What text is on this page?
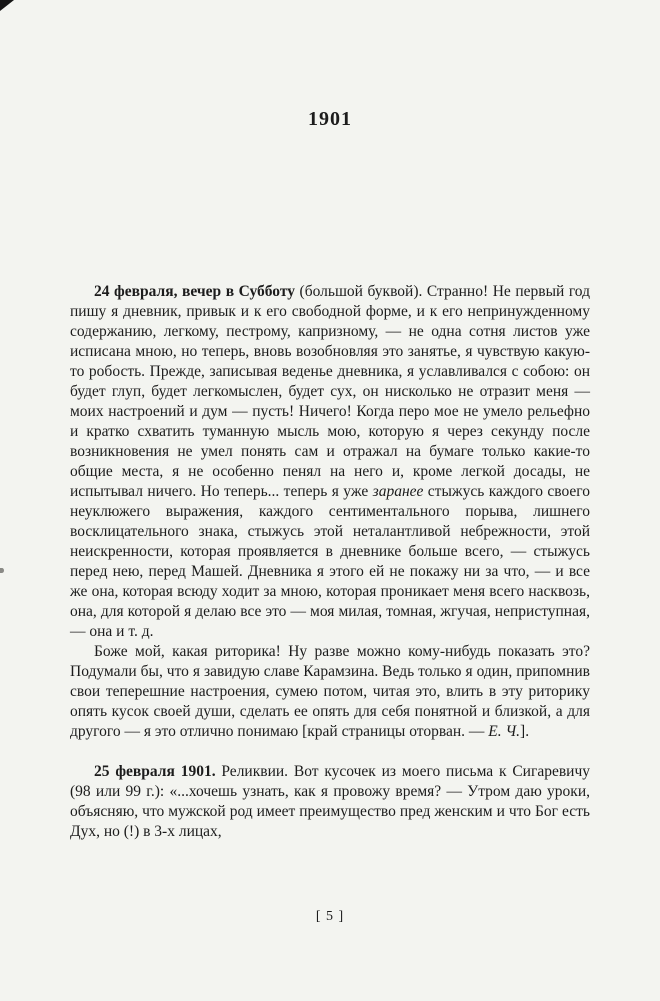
1901

24 февраля, вечер в Субботу (большой буквой). Странно! Не первый год пишу я дневник, привык и к его свободной форме, и к его непринужденному содержанию, легкому, пестрому, капризному, — не одна сотня листов уже исписана мною, но теперь, вновь возобновляя это занятье, я чувствую какую-то робость. Прежде, записывая веденье дневника, я уславливался с собою: он будет глуп, будет легкомыслен, будет сух, он нисколько не отразит меня — моих настроений и дум — пусть! Ничего! Когда перо мое не умело рельефно и кратко схватить туманную мысль мою, которую я через секунду после возникновения не умел понять сам и отражал на бумаге только какие-то общие места, я не особенно пенял на него и, кроме легкой досады, не испытывал ничего. Но теперь... теперь я уже заранее стыжусь каждого своего неуклюжего выражения, каждого сентиментального порыва, лишнего восклицательного знака, стыжусь этой неталантливой небрежности, этой неискренности, которая проявляется в дневнике больше всего, — стыжусь перед нею, перед Машей. Дневника я этого ей не покажу ни за что, — и все же она, которая всюду ходит за мною, которая проникает меня всего насквозь, она, для которой я делаю все это — моя милая, томная, жгучая, неприступная, — она и т. д.

Боже мой, какая риторика! Ну разве можно кому-нибудь показать это? Подумали бы, что я завидую славе Карамзина. Ведь только я один, припомнив свои теперешние настроения, сумею потом, читая это, влить в эту риторику опять кусок своей души, сделать ее опять для себя понятной и близкой, а для другого — я это отлично понимаю [край страницы оторван. — Е. Ч.].

25 февраля 1901. Реликвии. Вот кусочек из моего письма к Сигаревичу (98 или 99 г.): «...хочешь узнать, как я провожу время? — Утром даю уроки, объясняю, что мужской род имеет преимущество пред женским и что Бог есть Дух, но (!) в 3-х лицах,

[ 5 ]
